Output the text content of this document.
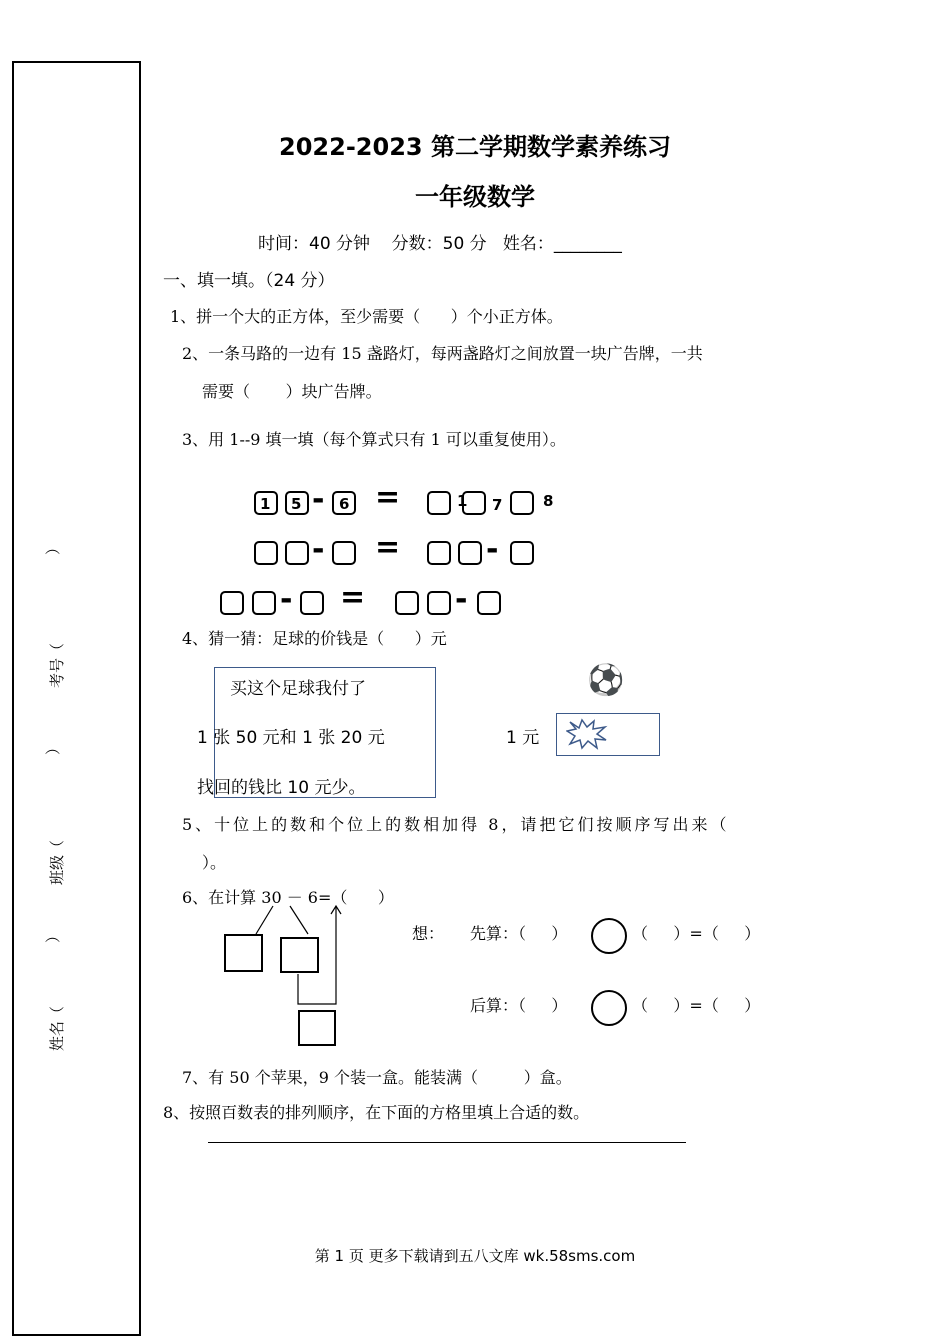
姓名（
）
班级（
）
考号（
）
2022-2023 第二学期数学素养练习
一年级数学
时间：40 分钟    分数：50 分   姓名：________
一、填一填。（24 分）
1、拼一个大的正方体，至少需要（      ）个小正方体。
2、一条马路的一边有 15 盏路灯，每两盏路灯之间放置一块广告牌，一共
需要（       ）块广告牌。
3、用 1--9 填一填（每个算式只有 1 可以重复使用）。
1 5 - 6 =	1 7	8
- =	-
- =	-
4、猜一猜：足球的价钱是（      ）元
买这个足球我付了
1 张 50 元和 1 张 20 元
找回的钱比 10 元少。
⚽
1 元
5、十位上的数和个位上的数相加得 8，请把它们按顺序写出来（
）。
6、在计算 30 － 6=（      ）
想： 先算：（     ）	（     ）=（     ）
后算：（     ）	（     ）=（     ）
7、有 50 个苹果，9 个装一盒。能装满（         ）盒。
8、按照百数表的排列顺序，在下面的方格里填上合适的数。
第 1 页 更多下载请到五八文库 wk.58sms.com
